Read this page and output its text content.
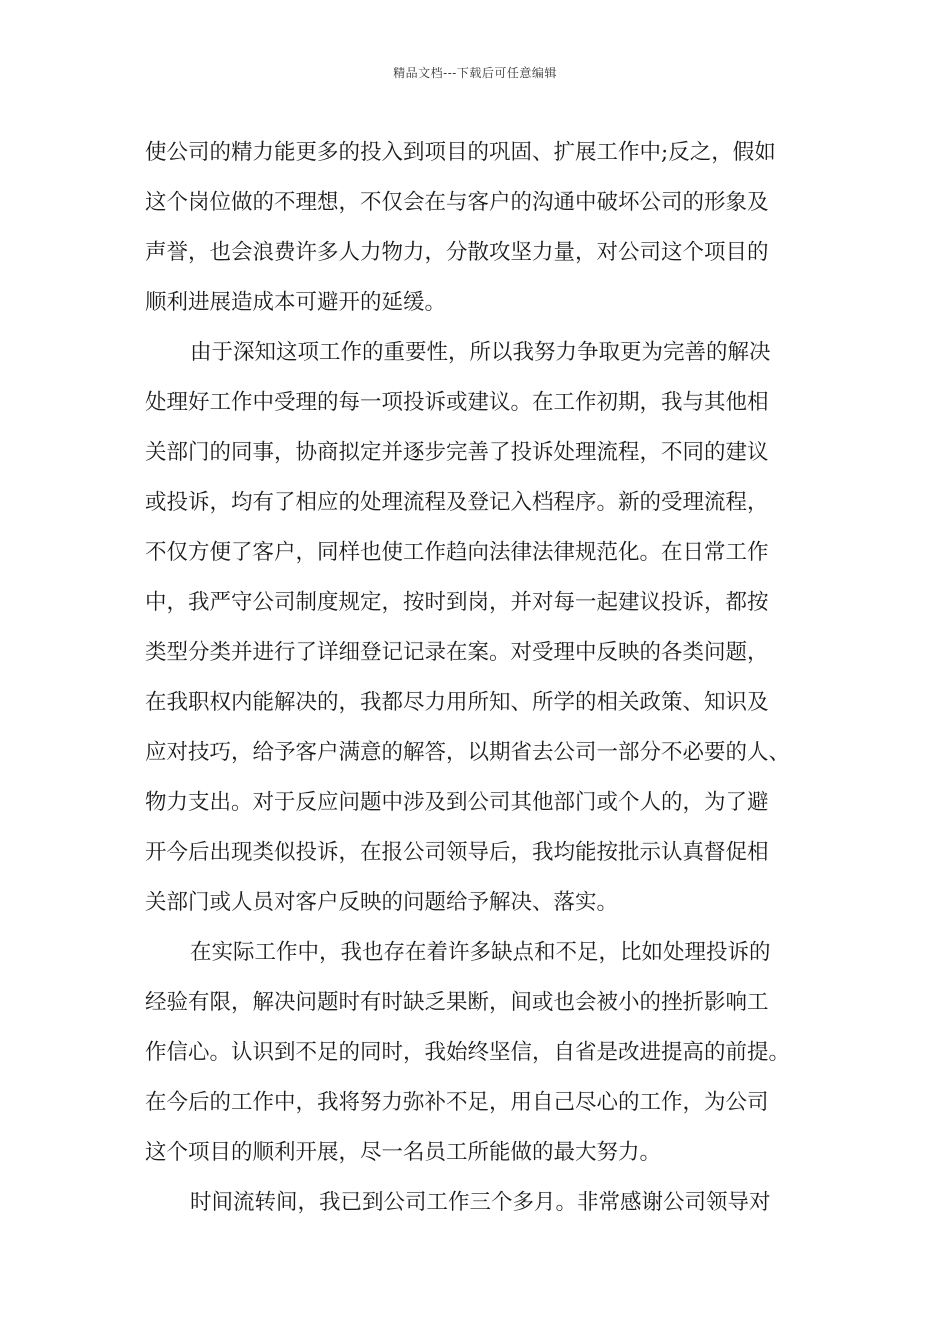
精品文档---下载后可任意编辑
使公司的精力能更多的投入到项目的巩固、扩展工作中;反之，假如
这个岗位做的不理想，不仅会在与客户的沟通中破坏公司的形象及
声誉，也会浪费许多人力物力，分散攻坚力量，对公司这个项目的
顺利进展造成本可避开的延缓。
由于深知这项工作的重要性，所以我努力争取更为完善的解决
处理好工作中受理的每一项投诉或建议。在工作初期，我与其他相
关部门的同事，协商拟定并逐步完善了投诉处理流程，不同的建议
或投诉，均有了相应的处理流程及登记入档程序。新的受理流程，
不仅方便了客户，同样也使工作趋向法律法律规范化。在日常工作
中，我严守公司制度规定，按时到岗，并对每一起建议投诉，都按
类型分类并进行了详细登记记录在案。对受理中反映的各类问题，
在我职权内能解决的，我都尽力用所知、所学的相关政策、知识及
应对技巧，给予客户满意的解答，以期省去公司一部分不必要的人、
物力支出。对于反应问题中涉及到公司其他部门或个人的，为了避
开今后出现类似投诉，在报公司领导后，我均能按批示认真督促相
关部门或人员对客户反映的问题给予解决、落实。
在实际工作中，我也存在着许多缺点和不足，比如处理投诉的
经验有限，解决问题时有时缺乏果断，间或也会被小的挫折影响工
作信心。认识到不足的同时，我始终坚信，自省是改进提高的前提。
在今后的工作中，我将努力弥补不足，用自己尽心的工作，为公司
这个项目的顺利开展，尽一名员工所能做的最大努力。
时间流转间，我已到公司工作三个多月。非常感谢公司领导对
